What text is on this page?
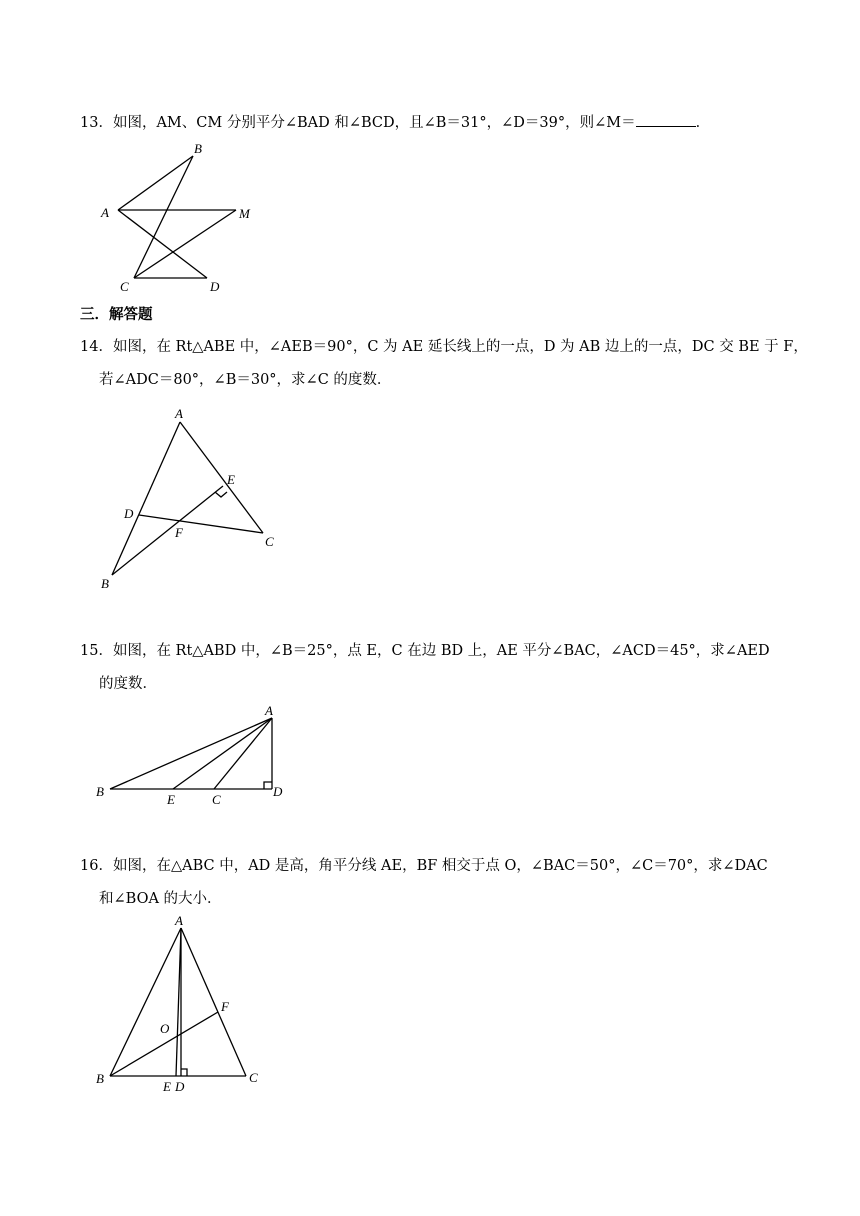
13．如图，AM、CM 分别平分∠BAD 和∠BCD，且∠B＝31°，∠D＝39°，则∠M＝	．
B
A	M
C	D
三．解答题
14．如图，在 Rt△ABE 中，∠AEB＝90°，C 为 AE 延长线上的一点，D 为 AB 边上的一点，DC 交 BE 于 F，
若∠ADC＝80°，∠B＝30°，求∠C 的度数．
A
E
D
F
C
B
15．如图，在 Rt△ABD 中，∠B＝25°，点 E，C 在边 BD 上，AE 平分∠BAC，∠ACD＝45°，求∠AED
的度数．
A
B
E	C
D
16．如图，在△ABC 中，AD 是高，角平分线 AE，BF 相交于点 O，∠BAC＝50°，∠C＝70°，求∠DAC
和∠BOA 的大小．
A
F
O
B
E D
C
